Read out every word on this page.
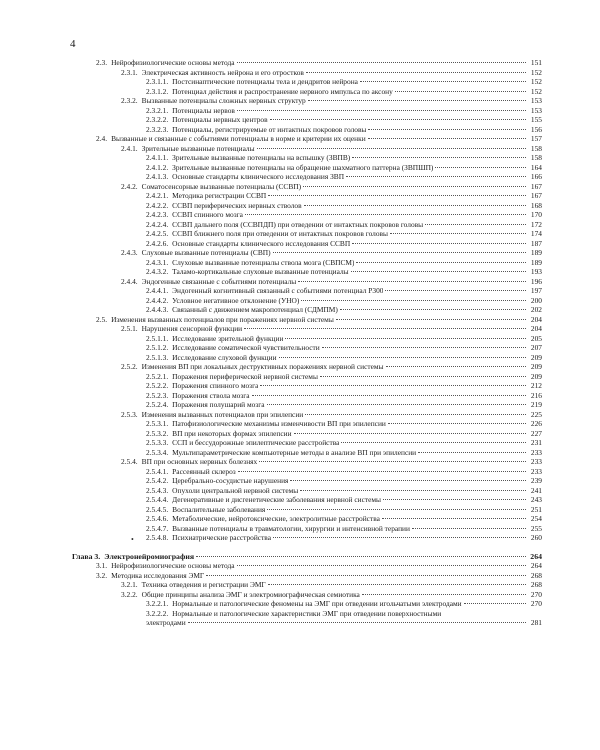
4
2.3. Нейрофизиологические основы метода	151
2.3.1. Электрическая активность нейрона и его отростков	152
2.3.1.1. Постсинаптические потенциалы тела и дендритов нейрона	152
2.3.1.2. Потенциал действия и распространение нервного импульса по аксону	152
2.3.2. Вызванные потенциалы сложных нервных структур	153
2.3.2.1. Потенциалы нервов	153
2.3.2.2. Потенциалы нервных центров	155
2.3.2.3. Потенциалы, регистрируемые от интактных покровов головы	156
2.4. Вызванные и связанные с событиями потенциалы в норме и критерии их оценки	157
2.4.1. Зрительные вызванные потенциалы	158
2.4.1.1. Зрительные вызванные потенциалы на вспышку (ЗВПВ)	158
2.4.1.2. Зрительные вызванные потенциалы на обращение шахматного паттерна (ЗВПШП)	164
2.4.1.3. Основные стандарты клинического исследования ЗВП	166
2.4.2. Соматосенсорные вызванные потенциалы (ССВП)	167
2.4.2.1. Методика регистрации ССВП	167
2.4.2.2. ССВП периферических нервных стволов	168
2.4.2.3. ССВП спинного мозга	170
2.4.2.4. ССВП дальнего поля (ССВПДП) при отведении от интактных покровов головы	172
2.4.2.5. ССВП ближнего поля при отведении от интактных покровов головы	174
2.4.2.6. Основные стандарты клинического исследования ССВП	187
2.4.3. Слуховые вызванные потенциалы (СВП)	189
2.4.3.1. Слуховые вызванные потенциалы ствола мозга (СВПСМ)	189
2.4.3.2. Таламо-кортикальные слуховые вызванные потенциалы	193
2.4.4. Эндогенные связанные с событиями потенциалы	196
2.4.4.1. Эндогенный когнитивный связанный с событиями потенциал Р300	197
2.4.4.2. Условное негативное отклонение (УНО)	200
2.4.4.3. Связанный с движением макропотенциал (СДМПМ)	202
2.5. Изменения вызванных потенциалов при поражениях нервной системы	204
2.5.1. Нарушения сенсорной функции	204
2.5.1.1. Исследование зрительной функции	205
2.5.1.2. Исследование соматической чувствительности	207
2.5.1.3. Исследование слуховой функции	209
2.5.2. Изменения ВП при локальных деструктивных поражениях нервной системы	209
2.5.2.1. Поражения периферической нервной системы	209
2.5.2.2. Поражения спинного мозга	212
2.5.2.3. Поражения ствола мозга	216
2.5.2.4. Поражения полушарий мозга	219
2.5.3. Изменения вызванных потенциалов при эпилепсии	225
2.5.3.1. Патофизиологические механизмы изменчивости ВП при эпилепсии	226
2.5.3.2. ВП при некоторых формах эпилепсии	227
2.5.3.3. ССП и бессудорожные эпилептические расстройства	231
2.5.3.4. Мультипараметрические компьютерные методы в анализе ВП при эпилепсии	233
2.5.4. ВП при основных нервных болезнях	233
2.5.4.1. Рассеянный склероз	233
2.5.4.2. Церебрально-сосудистые нарушения	239
2.5.4.3. Опухоли центральной нервной системы	241
2.5.4.4. Дегенеративные и дисгенетические заболевания нервной системы	243
2.5.4.5. Воспалительные заболевания	251
2.5.4.6. Метаболические, нейротоксические, электролитные расстройства	254
2.5.4.7. Вызванные потенциалы в травматологии, хирургии и интенсивной терапии	255
2.5.4.8. Психиатрические расстройства	260
Глава 3. Электронейромиография	264
3.1. Нейрофизиологические основы метода	264
3.2. Методика исследования ЭМГ	268
3.2.1. Техника отведения и регистрации ЭМГ	268
3.2.2. Общие принципы анализа ЭМГ и электромиографическая семиотика	270
3.2.2.1. Нормальные и патологические феномены на ЭМГ при отведении игольчатыми электродами	270
3.2.2.2. Нормальные и патологические характеристики ЭМГ при отведении поверхностными
электродами	281
•
